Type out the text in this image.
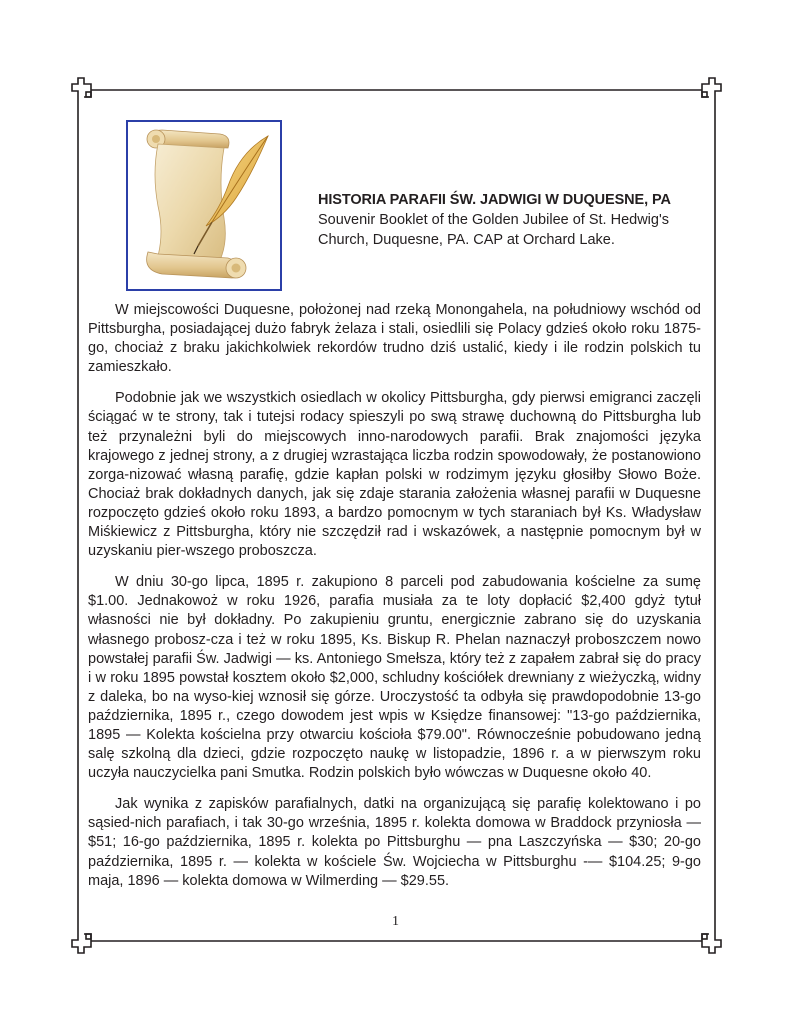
HISTORIA PARAFII ŚW. JADWIGI W DUQUESNE, PA
Souvenir Booklet of the Golden Jubilee of St. Hedwig's
Church, Duquesne, PA. CAP at Orchard Lake.

W miejscowości Duquesne, położonej nad rzeką Monongahela, na południowy wschód od Pittsburgha, posiadającej dużo fabryk żelaza i stali, osiedlili się Polacy gdzieś około roku 1875-go, chociaż z braku jakichkolwiek rekordów trudno dziś ustalić, kiedy i ile rodzin polskich tu zamieszkało.

Podobnie jak we wszystkich osiedlach w okolicy Pittsburgha, gdy pierwsi emigranci zaczęli ściągać w te strony, tak i tutejsi rodacy spieszyli po swą strawę duchowną do Pittsburgha lub też przynależni byli do miejscowych inno-narodowych parafii. Brak znajomości języka krajowego z jednej strony, a z drugiej wzrastająca liczba rodzin spowodowały, że postanowiono zorga-nizować własną parafię, gdzie kapłan polski w rodzimym języku głosiłby Słowo Boże. Chociaż brak dokładnych danych, jak się zdaje starania założenia własnej parafii w Duquesne rozpoczęto gdzieś około roku 1893, a bardzo pomocnym w tych staraniach był Ks. Władysław Miśkiewicz z Pittsburgha, który nie szczędził rad i wskazówek, a następnie pomocnym był w uzyskaniu pier-wszego proboszcza.

W dniu 30-go lipca, 1895 r. zakupiono 8 parceli pod zabudowania kościelne za sumę $1.00. Jednakowoż w roku 1926, parafia musiała za te loty dopłacić $2,400 gdyż tytuł własności nie był dokładny. Po zakupieniu gruntu, energicznie zabrano się do uzyskania własnego probosz-cza i też w roku 1895, Ks. Biskup R. Phelan naznaczył proboszczem nowo powstałej parafii Św. Jadwigi — ks. Antoniego Smełsza, który też z zapałem zabrał się do pracy i w roku 1895 powstał kosztem około $2,000, schludny kościółek drewniany z wieżyczką, widny z daleka, bo na wyso-kiej wznosił się górze. Uroczystość ta odbyła się prawdopodobnie 13-go października, 1895 r., czego dowodem jest wpis w Księdze finansowej: "13-go października, 1895 — Kolekta kościelna przy otwarciu kościoła $79.00". Równocześnie pobudowano jedną salę szkolną dla dzieci, gdzie rozpoczęto naukę w listopadzie, 1896 r. a w pierwszym roku uczyła nauczycielka pani Smutka. Rodzin polskich było wówczas w Duquesne około 40.

Jak wynika z zapisków parafialnych, datki na organizującą się parafię kolektowano i po sąsied-nich parafiach, i tak 30-go września, 1895 r. kolekta domowa w Braddock przyniosła — $51; 16-go października, 1895 r. kolekta po Pittsburghu — pna Laszczyńska — $30; 20-go października, 1895 r. — kolekta w kościele Św. Wojciecha w Pittsburghu -— $104.25; 9-go maja, 1896 — kolekta domowa w Wilmerding — $29.55.

1
